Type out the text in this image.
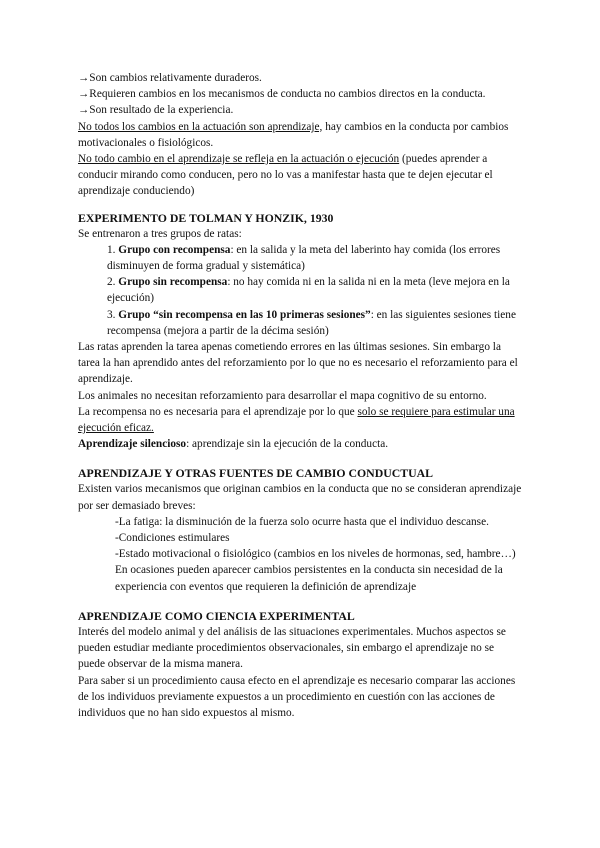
→Son cambios relativamente duraderos.

→Requieren cambios en los mecanismos de conducta no cambios directos en la conducta.

→Son resultado de la experiencia.

No todos los cambios en la actuación son aprendizaje, hay cambios en la conducta por cambios motivacionales o fisiológicos.

No todo cambio en el aprendizaje se refleja en la actuación o ejecución (puedes aprender a conducir mirando como conducen, pero no lo vas a manifestar hasta que te dejen ejecutar el aprendizaje conduciendo)

EXPERIMENTO DE TOLMAN Y HONZIK, 1930

Se entrenaron a tres grupos de ratas:

1. Grupo con recompensa: en la salida y la meta del laberinto hay comida (los errores disminuyen de forma gradual y sistemática)

2. Grupo sin recompensa: no hay comida ni en la salida ni en la meta (leve mejora en la ejecución)

3. Grupo “sin recompensa en las 10 primeras sesiones”: en las siguientes sesiones tiene recompensa (mejora a partir de la décima sesión)

Las ratas aprenden la tarea apenas cometiendo errores en las últimas sesiones. Sin embargo la tarea la han aprendido antes del reforzamiento por lo que no es necesario el reforzamiento para el aprendizaje.

Los animales no necesitan reforzamiento para desarrollar el mapa cognitivo de su entorno.

La recompensa no es necesaria para el aprendizaje por lo que solo se requiere para estimular una ejecución eficaz.

Aprendizaje silencioso: aprendizaje sin la ejecución de la conducta.

APRENDIZAJE Y OTRAS FUENTES DE CAMBIO CONDUCTUAL

Existen varios mecanismos que originan cambios en la conducta que no se consideran aprendizaje por ser demasiado breves:

-La fatiga: la disminución de la fuerza solo ocurre hasta que el individuo descanse.

-Condiciones estimulares

-Estado motivacional o fisiológico (cambios en los niveles de hormonas, sed, hambre…)

En ocasiones pueden aparecer cambios persistentes en la conducta sin necesidad de la experiencia con eventos que requieren la definición de aprendizaje

APRENDIZAJE COMO CIENCIA EXPERIMENTAL

Interés del modelo animal y del análisis de las situaciones experimentales. Muchos aspectos se pueden estudiar mediante procedimientos observacionales, sin embargo el aprendizaje no se puede observar de la misma manera.

Para saber si un procedimiento causa efecto en el aprendizaje es necesario comparar las acciones de los individuos previamente expuestos a un procedimiento en cuestión con las acciones de individuos que no han sido expuestos al mismo.
